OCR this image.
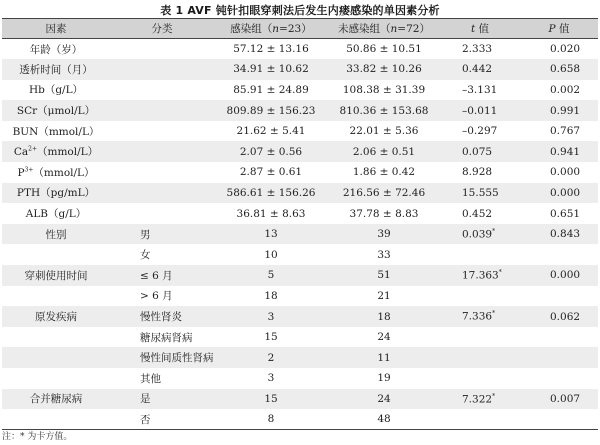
表 1 AVF 钝针扣眼穿刺法后发生内瘘感染的单因素分析
因素	分类	感染组（n=23）	未感染组（n=72）	t 值	P 值
年龄（岁）		57.12 ± 13.16	50.86 ± 10.51	2.333	0.020
透析时间（月）		34.91 ± 10.62	33.82 ± 10.26	0.442	0.658
Hb（g/L）		85.91 ± 24.89	108.38 ± 31.39	–3.131	0.002
SCr（μmol/L）		809.89 ± 156.23	810.36 ± 153.68	–0.011	0.991
BUN（mmol/L）		21.62 ± 5.41	22.01 ± 5.36	–0.297	0.767
$Ca^{2+}(mmol/L)$		2.07 ± 0.56	2.06 ± 0.51	0.075	0.941
$P^{3+}(mmol/L)$		2.87 ± 0.61	1.86 ± 0.42	8.928	0.000
PTH（pg/mL）		586.61 ± 156.26	216.56 ± 72.46	15.555	0.000
ALB（g/L）		36.81 ± 8.63	37.78 ± 8.83	0.452	0.651
性别	男	13	39	0.039*	0.843
	女	10	33		
穿刺使用时间	≤ 6 月	5	51	17.363*	0.000
	> 6 月	18	21		
原发疾病	慢性肾炎	3	18	7.336*	0.062
	糖尿病肾病	15	24		
	慢性间质性肾病	2	11		
	其他	3	19		
合并糖尿病	是	15	24	7.322*	0.007
	否	8	48		
注：* 为卡方值。
